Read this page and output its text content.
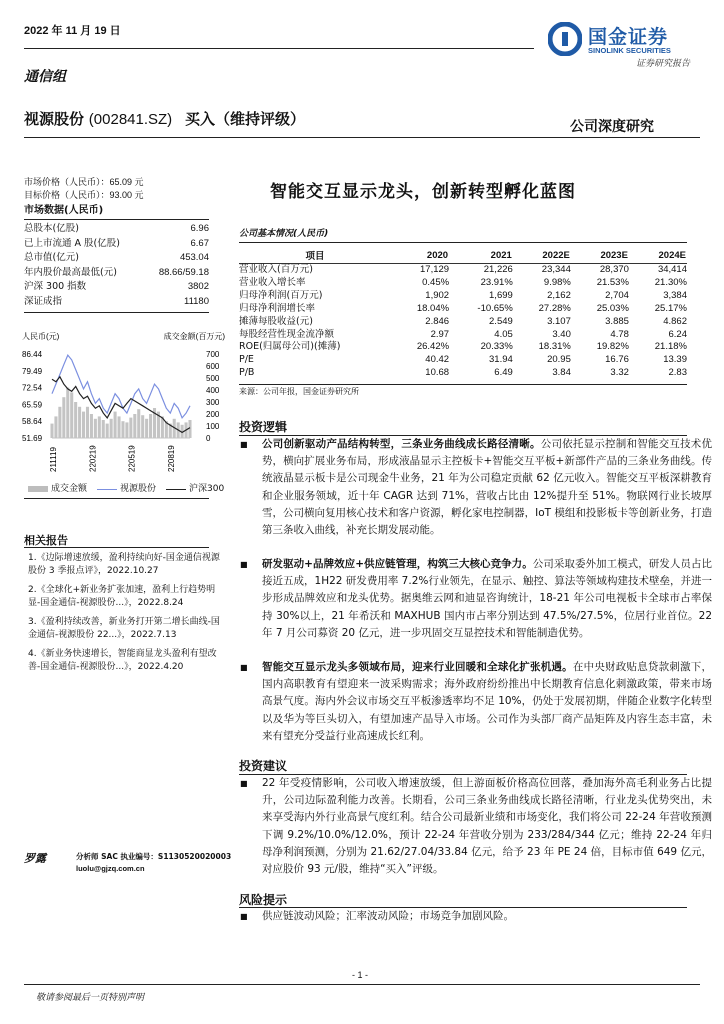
2022 年 11 月 19 日	国金证券
SINOLINK SECURITIES
证券研究报告
通信组
视源股份 (002841.SZ) 买入（维持评级）	公司深度研究
市场价格（人民币）：65.09 元
目标价格（人民币）：93.00 元
市场数据(人民币)
总股本(亿股)	6.96
已上市流通 A 股(亿股)	6.67
总市值(亿元)	453.04
年内股价最高最低(元)	88.66/59.18
沪深 300 指数	3802
深证成指	11180
人民币(元)	成交金额(百万元)
86.44
79.49
72.54
65.59
58.64
51.69
700
600
500
400
300
200
100
0
211119	220219	220519	220819
成交金额	视源股份	沪深300
相关报告
1.《边际增速放缓，盈利持续向好-国金通信视源股份 3 季报点评》，2022.10.27
2.《全球化+新业务扩张加速，盈利上行趋势明显-国金通信-视源股份...》，2022.8.24
3.《盈利持续改善，新业务打开第二增长曲线-国金通信-视源股份 22...》，2022.7.13
4.《新业务快速增长，智能商显龙头盈利有望改善-国金通信-视源股份...》，2022.4.20
罗露	分析师 SAC 执业编号：S1130520020003
luolu@gjzq.com.cn
智能交互显示龙头，创新转型孵化蓝图
公司基本情况(人民币)
项目	2020	2021	2022E	2023E	2024E
营业收入(百万元)	17,129	21,226	23,344	28,370	34,414
营业收入增长率	0.45%	23.91%	9.98%	21.53%	21.30%
归母净利润(百万元)	1,902	1,699	2,162	2,704	3,384
归母净利润增长率	18.04%	-10.65%	27.28%	25.03%	25.17%
摊薄每股收益(元)	2.846	2.549	3.107	3.885	4.862
每股经营性现金流净额	2.97	4.05	3.40	4.78	6.24
ROE(归属母公司)(摊薄)	26.42%	20.33%	18.31%	19.82%	21.18%
P/E	40.42	31.94	20.95	16.76	13.39
P/B	10.68	6.49	3.84	3.32	2.83
来源：公司年报，国金证券研究所
投资逻辑
■ 公司创新驱动产品结构转型，三条业务曲线成长路径清晰。公司依托显示控制和智能交互技术优势，横向扩展业务布局，形成液晶显示主控板卡+智能交互平板+新部件产品的三条业务曲线。传统液晶显示板卡是公司现金牛业务，21 年为公司稳定贡献 62 亿元收入。智能交互平板深耕教育和企业服务领域，近十年 CAGR 达到 71%，营收占比由 12%提升至 51%。物联网行业长坡厚雪，公司横向复用核心技术和客户资源，孵化家电控制器，IoT 模组和投影板卡等创新业务，打造第三条收入曲线，补充长期发展动能。
■ 研发驱动+品牌效应+供应链管理，构筑三大核心竞争力。公司采取委外加工模式，研发人员占比接近五成，1H22 研发费用率 7.2%行业领先，在显示、触控、算法等领域构建技术壁垒，并进一步形成品牌效应和龙头优势。据奥维云网和迪显咨询统计，18-21 年公司电视板卡全球市占率保持 30%以上，21 年希沃和 MAXHUB 国内市占率分别达到 47.5%/27.5%，位居行业首位。22 年 7 月公司募资 20 亿元，进一步巩固交互显控技术和智能制造优势。
■ 智能交互显示龙头多领域布局，迎来行业回暖和全球化扩张机遇。在中央财政贴息贷款刺激下，国内高职教育有望迎来一波采购需求；海外政府纷纷推出中长期教育信息化刺激政策，带来市场高景气度。海内外会议市场交互平板渗透率均不足 10%，仍处于发展初期，伴随企业数字化转型以及华为等巨头切入，有望加速产品导入市场。公司作为头部厂商产品矩阵及内容生态丰富，未来有望充分受益行业高速成长红利。
投资建议
■ 22 年受疫情影响，公司收入增速放缓，但上游面板价格高位回落，叠加海外高毛利业务占比提升，公司边际盈利能力改善。长期看，公司三条业务曲线成长路径清晰，行业龙头优势突出，未来享受海内外行业高景气度红利。结合公司最新业绩和市场变化，我们将公司 22-24 年营收预测下调 9.2%/10.0%/12.0%，预计 22-24 年营收分别为 233/284/344 亿元；维持 22-24 年归母净利润预测，分别为 21.62/27.04/33.84 亿元，给予 23 年 PE 24 倍，目标市值 649 亿元，对应股价 93 元/股，维持“买入”评级。
风险提示
■ 供应链波动风险；汇率波动风险；市场竞争加剧风险。
- 1 -
敬请参阅最后一页特别声明
